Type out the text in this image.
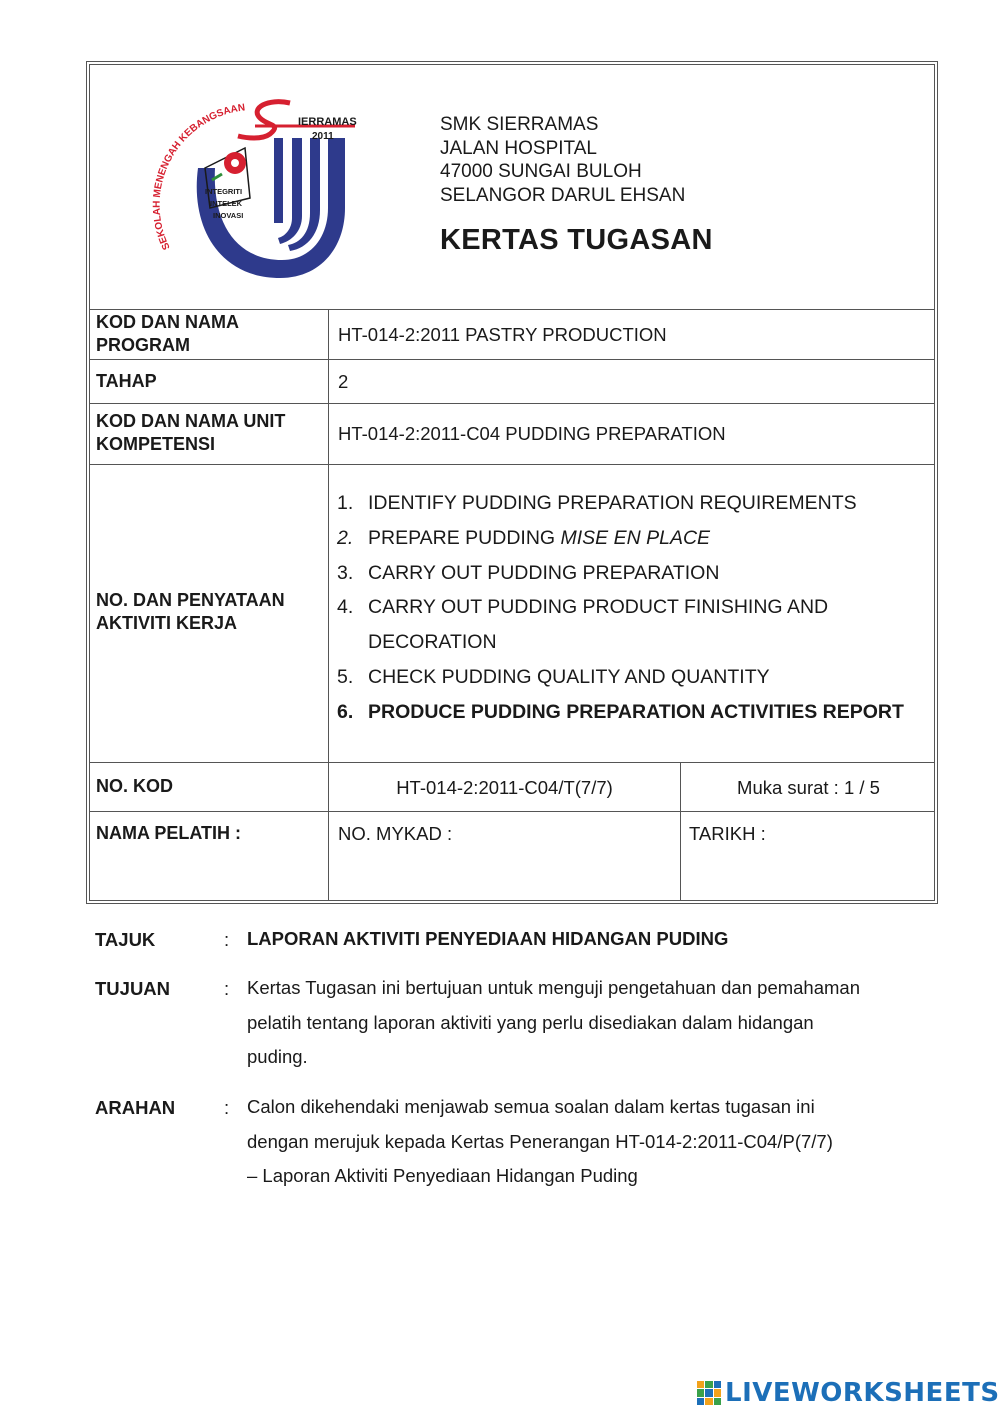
IERRAMAS
2011
SEKOLAH MENENGAH KEBANGSAAN
INTEGRITI
INTELEK
INOVASI
SMK SIERRAMAS
JALAN HOSPITAL
47000 SUNGAI BULOH
SELANGOR DARUL EHSAN
KERTAS TUGASAN
KOD DAN NAMA
PROGRAM	HT-014-2:2011 PASTRY PRODUCTION
TAHAP	2
KOD DAN NAMA UNIT
KOMPETENSI	HT-014-2:2011-C04 PUDDING PREPARATION
NO. DAN PENYATAAN
AKTIVITI KERJA
1. IDENTIFY PUDDING PREPARATION REQUIREMENTS
2. PREPARE PUDDING MISE EN PLACE
3. CARRY OUT PUDDING PREPARATION
4. CARRY OUT PUDDING PRODUCT FINISHING AND
DECORATION
5. CHECK PUDDING QUALITY AND QUANTITY
6. PRODUCE PUDDING PREPARATION ACTIVITIES REPORT
NO. KOD	HT-014-2:2011-C04/T(7/7)	Muka surat : 1 / 5
NAMA PELATIH :	NO. MYKAD :	TARIKH :
TAJUK	: LAPORAN AKTIVITI PENYEDIAAN HIDANGAN PUDING
TUJUAN	: Kertas Tugasan ini bertujuan untuk menguji pengetahuan dan pemahaman
pelatih tentang laporan aktiviti yang perlu disediakan dalam hidangan
puding.
ARAHAN	: Calon dikehendaki menjawab semua soalan dalam kertas tugasan ini
dengan merujuk kepada Kertas Penerangan HT-014-2:2011-C04/P(7/7)
– Laporan Aktiviti Penyediaan Hidangan Puding
LIVEWORKSHEETS
